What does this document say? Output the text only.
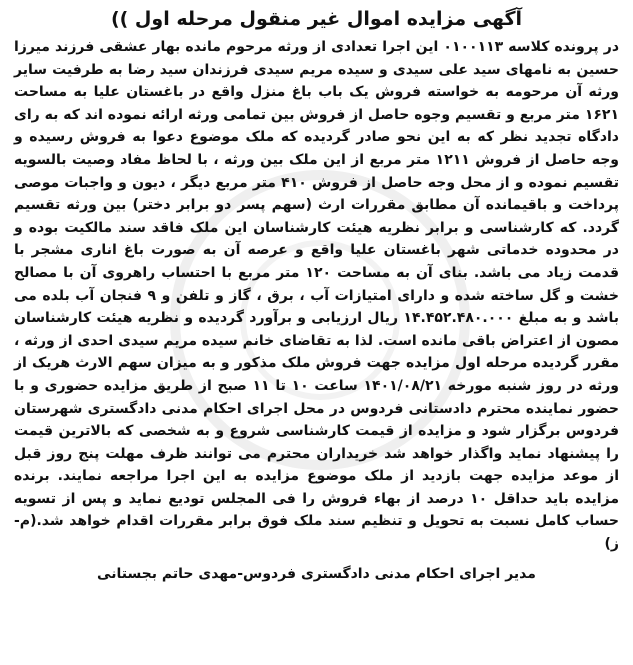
آگهی مزایده اموال غیر منقول مرحله اول ))

در پرونده کلاسه ۰۱۰۰۱۱۳ این اجرا تعدادی از ورثه مرحوم مانده بهار عشقی فرزند میرزا حسین به نامهای سید علی سیدی و سیده مریم سیدی فرزندان سید رضا به طرفیت سایر ورثه آن مرحومه به خواسته فروش یک باب باغ منزل واقع در باغستان علیا به مساحت ۱۶۲۱ متر مربع و تقسیم وجوه حاصل از فروش بین تمامی ورثه ارائه نموده اند که به رای دادگاه تجدید نظر که به این نحو صادر گردیده که ملک موضوع دعوا به فروش رسیده و وجه حاصل از فروش ۱۲۱۱ متر مربع از این ملک بین ورثه ، با لحاظ مفاد وصیت بالسویه تقسیم نموده و از محل وجه حاصل از فروش ۴۱۰ متر مربع دیگر ، دیون و واجبات موصی پرداخت و باقیمانده آن مطابق مقررات ارث (سهم پسر دو برابر دختر) بین ورثه تقسیم گردد. که کارشناسی و برابر نظریه هیئت کارشناسان این ملک فاقد سند مالکیت بوده و در محدوده خدماتی شهر باغستان علیا واقع و عرصه آن به صورت باغ اناری مشجر با قدمت زیاد می باشد. بنای آن به مساحت ۱۲۰ متر مربع با احتساب راهروی آن با مصالح خشت و گل ساخته شده و دارای امتیازات آب ، برق ، گاز و تلفن و ۹ فنجان آب بلده می باشد و به مبلغ ۱۴.۴۵۲.۴۸۰.۰۰۰ ریال ارزیابی و برآورد گردیده و نظریه هیئت کارشناسان مصون از اعتراض باقی مانده است. لذا به تقاضای خانم سیده مریم سیدی احدی از ورثه ، مقرر گردیده مرحله اول مزایده جهت فروش ملک مذکور و به میزان سهم الارث هریک از ورثه در روز شنبه مورخه ۱۴۰۱/۰۸/۲۱ ساعت ۱۰ تا ۱۱ صبح از طریق مزایده حضوری و با حضور نماینده محترم دادستانی فردوس در محل اجرای احکام مدنی دادگستری شهرستان فردوس برگزار شود و مزایده از قیمت کارشناسی شروع و به شخصی که بالاترین قیمت را پیشنهاد نماید واگذار خواهد شد خریداران محترم می توانند ظرف مهلت پنج روز قبل از موعد مزایده جهت بازدید از ملک موضوع مزایده به این اجرا مراجعه نمایند. برنده مزایده باید حداقل ۱۰ درصد از بهاء فروش را فی المجلس تودیع نماید و پس از تسویه حساب کامل نسبت به تحویل و تنظیم سند ملک فوق برابر مقررات اقدام خواهد شد.(م-ز)

مدیر اجرای احکام مدنی دادگستری فردوس-مهدی حاتم بجستانی
